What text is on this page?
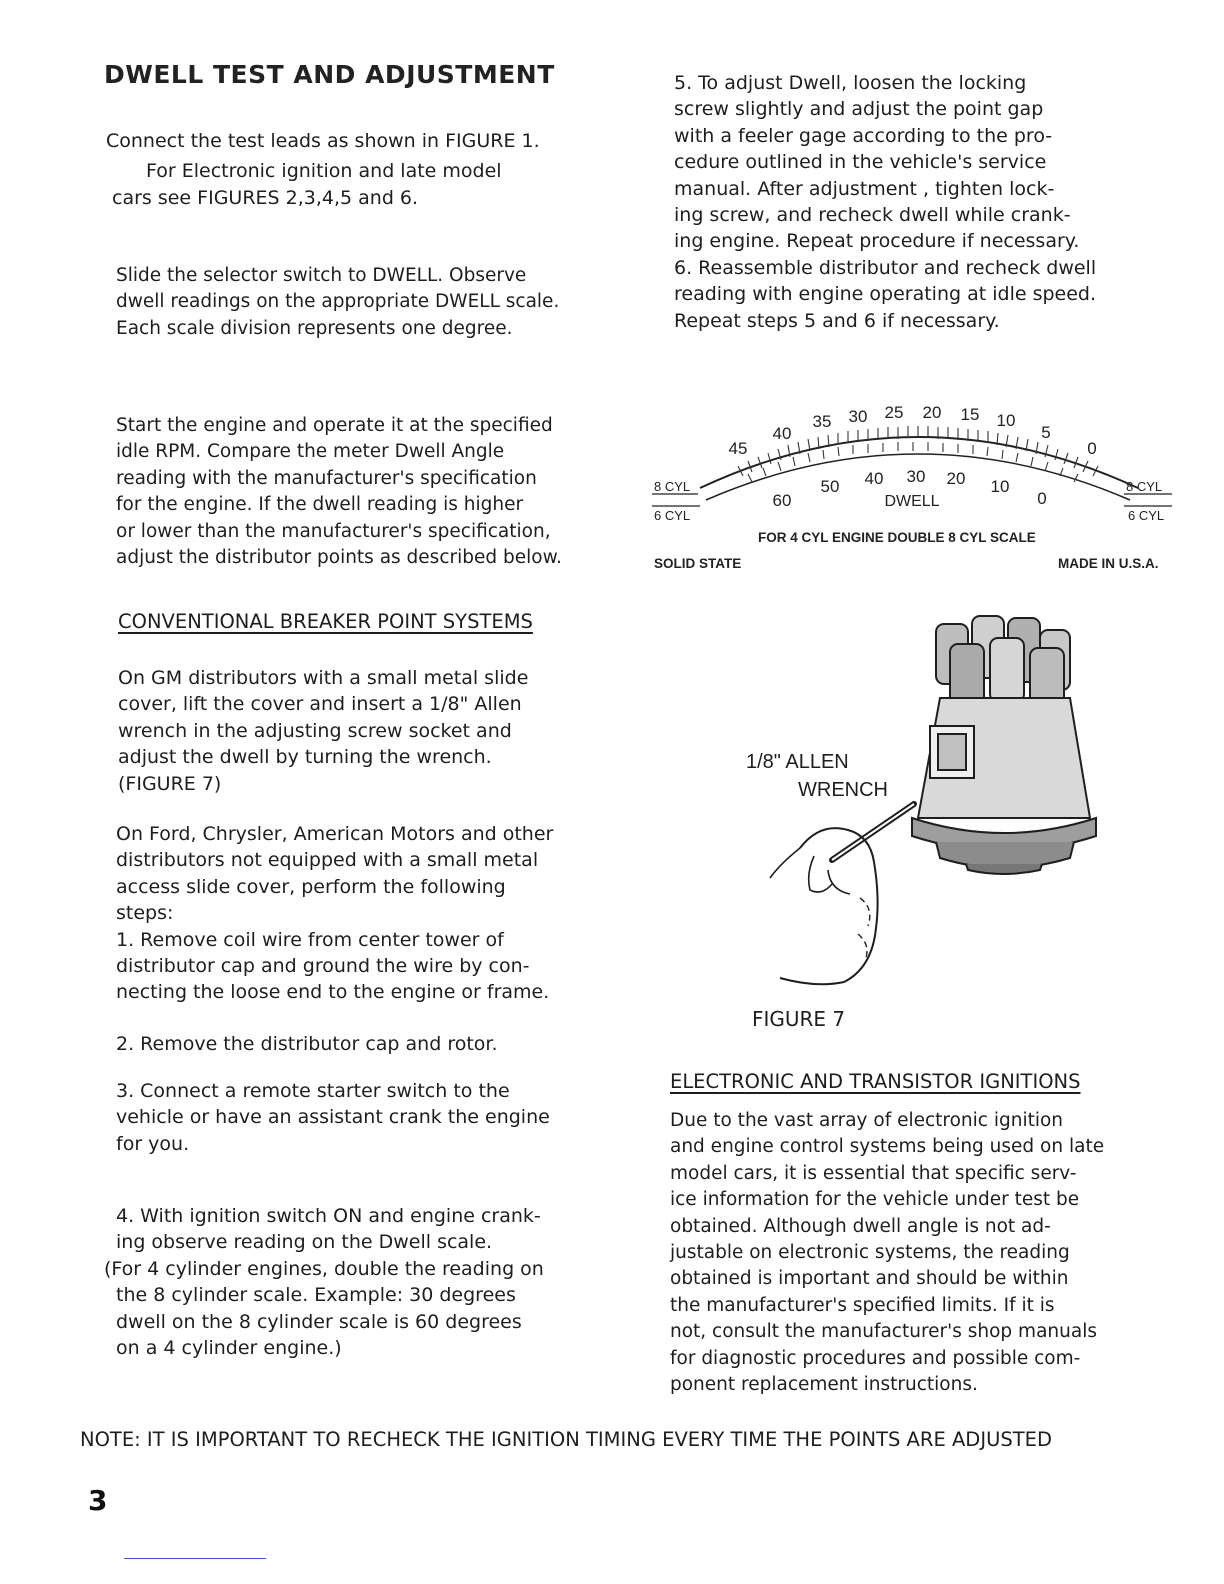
DWELL TEST AND ADJUSTMENT
Connect the test leads as shown in FIGURE 1.
For Electronic ignition and late model
cars see FIGURES 2,3,4,5 and 6.
Slide the selector switch to DWELL. Observe
dwell readings on the appropriate DWELL scale.
Each scale division represents one degree.
Start the engine and operate it at the specified
idle RPM. Compare the meter Dwell Angle
reading with the manufacturer's specification
for the engine. If the dwell reading is higher
or lower than the manufacturer's specification,
adjust the distributor points as described below.
CONVENTIONAL BREAKER POINT SYSTEMS
On GM distributors with a small metal slide
cover, lift the cover and insert a 1/8" Allen
wrench in the adjusting screw socket and
adjust the dwell by turning the wrench.
(FIGURE 7)
On Ford, Chrysler, American Motors and other
distributors not equipped with a small metal
access slide cover, perform the following
steps:
1. Remove coil wire from center tower of
distributor cap and ground the wire by con-
necting the loose end to the engine or frame.
2. Remove the distributor cap and rotor.
3. Connect a remote starter switch to the
vehicle or have an assistant crank the engine
for you.
4. With ignition switch ON and engine crank-
ing observe reading on the Dwell scale.
(For 4 cylinder engines, double the reading on
the 8 cylinder scale. Example: 30 degrees
dwell on the 8 cylinder scale is 60 degrees
on a 4 cylinder engine.)
5. To adjust Dwell, loosen the locking
screw slightly and adjust the point gap
with a feeler gage according to the pro-
cedure outlined in the vehicle's service
manual. After adjustment , tighten lock-
ing screw, and recheck dwell while crank-
ing engine. Repeat procedure if necessary.
6. Reassemble distributor and recheck dwell
reading with engine operating at idle speed.
Repeat steps 5 and 6 if necessary.
45
40
35 30 25 20 15 10
5
0
60
50 40 30 20 10
0
DWELL
8 CYL
6 CYL
8 CYL
6 CYL
FOR 4 CYL ENGINE DOUBLE 8 CYL SCALE
SOLID STATE	MADE IN U.S.A.
1/8" ALLEN
WRENCH
FIGURE 7
ELECTRONIC AND TRANSISTOR IGNITIONS
Due to the vast array of electronic ignition
and engine control systems being used on late
model cars, it is essential that specific serv-
ice information for the vehicle under test be
obtained. Although dwell angle is not ad-
justable on electronic systems, the reading
obtained is important and should be within
the manufacturer's specified limits. If it is
not, consult the manufacturer's shop manuals
for diagnostic procedures and possible com-
ponent replacement instructions.
NOTE: IT IS IMPORTANT TO RECHECK THE IGNITION TIMING EVERY TIME THE POINTS ARE ADJUSTED
3
